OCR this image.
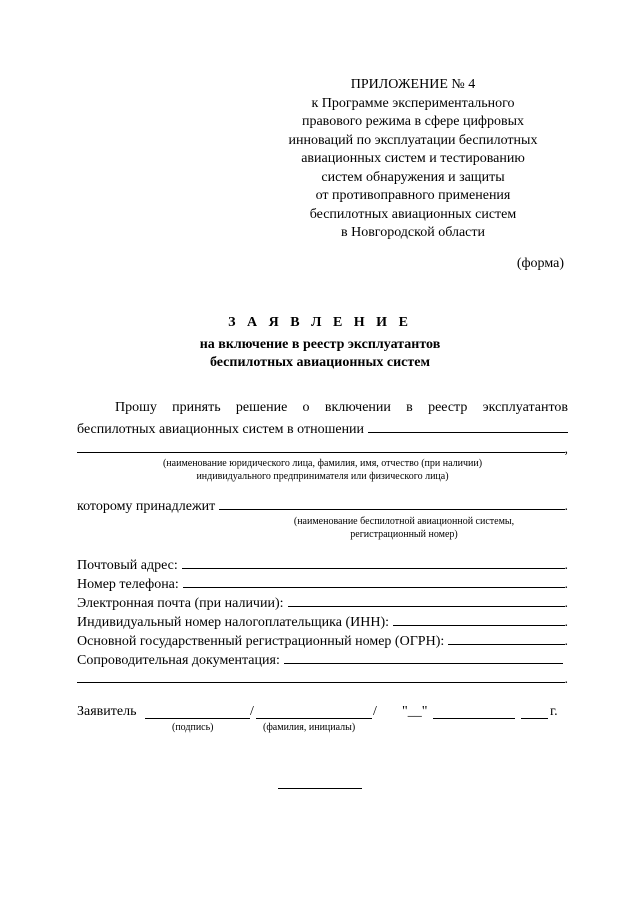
ПРИЛОЖЕНИЕ № 4
к Программе экспериментального
правового режима в сфере цифровых
инноваций по эксплуатации беспилотных
авиационных систем и тестированию
систем обнаружения и защиты
от противоправного применения
беспилотных авиационных систем
в Новгородской области
(форма)
З А Я В Л Е Н И Е
на включение в реестр эксплуатантов
беспилотных авиационных систем
Прошу принять решение о включении в реестр эксплуатантов
беспилотных авиационных систем в отношении
,
(наименование юридического лица, фамилия, имя, отчество (при наличии)
индивидуального предпринимателя или физического лица)
которому принадлежит	.
(наименование беспилотной авиационной системы,
регистрационный номер)
Почтовый адрес:	.
Номер телефона:	.
Электронная почта (при наличии):	.
Индивидуальный номер налогоплательщика (ИНН):	.
Основной государственный регистрационный номер (ОГРН):	.
Сопроводительная документация:
.
Заявитель	/	/ "__"	г.
(подпись)	(фамилия, инициалы)
